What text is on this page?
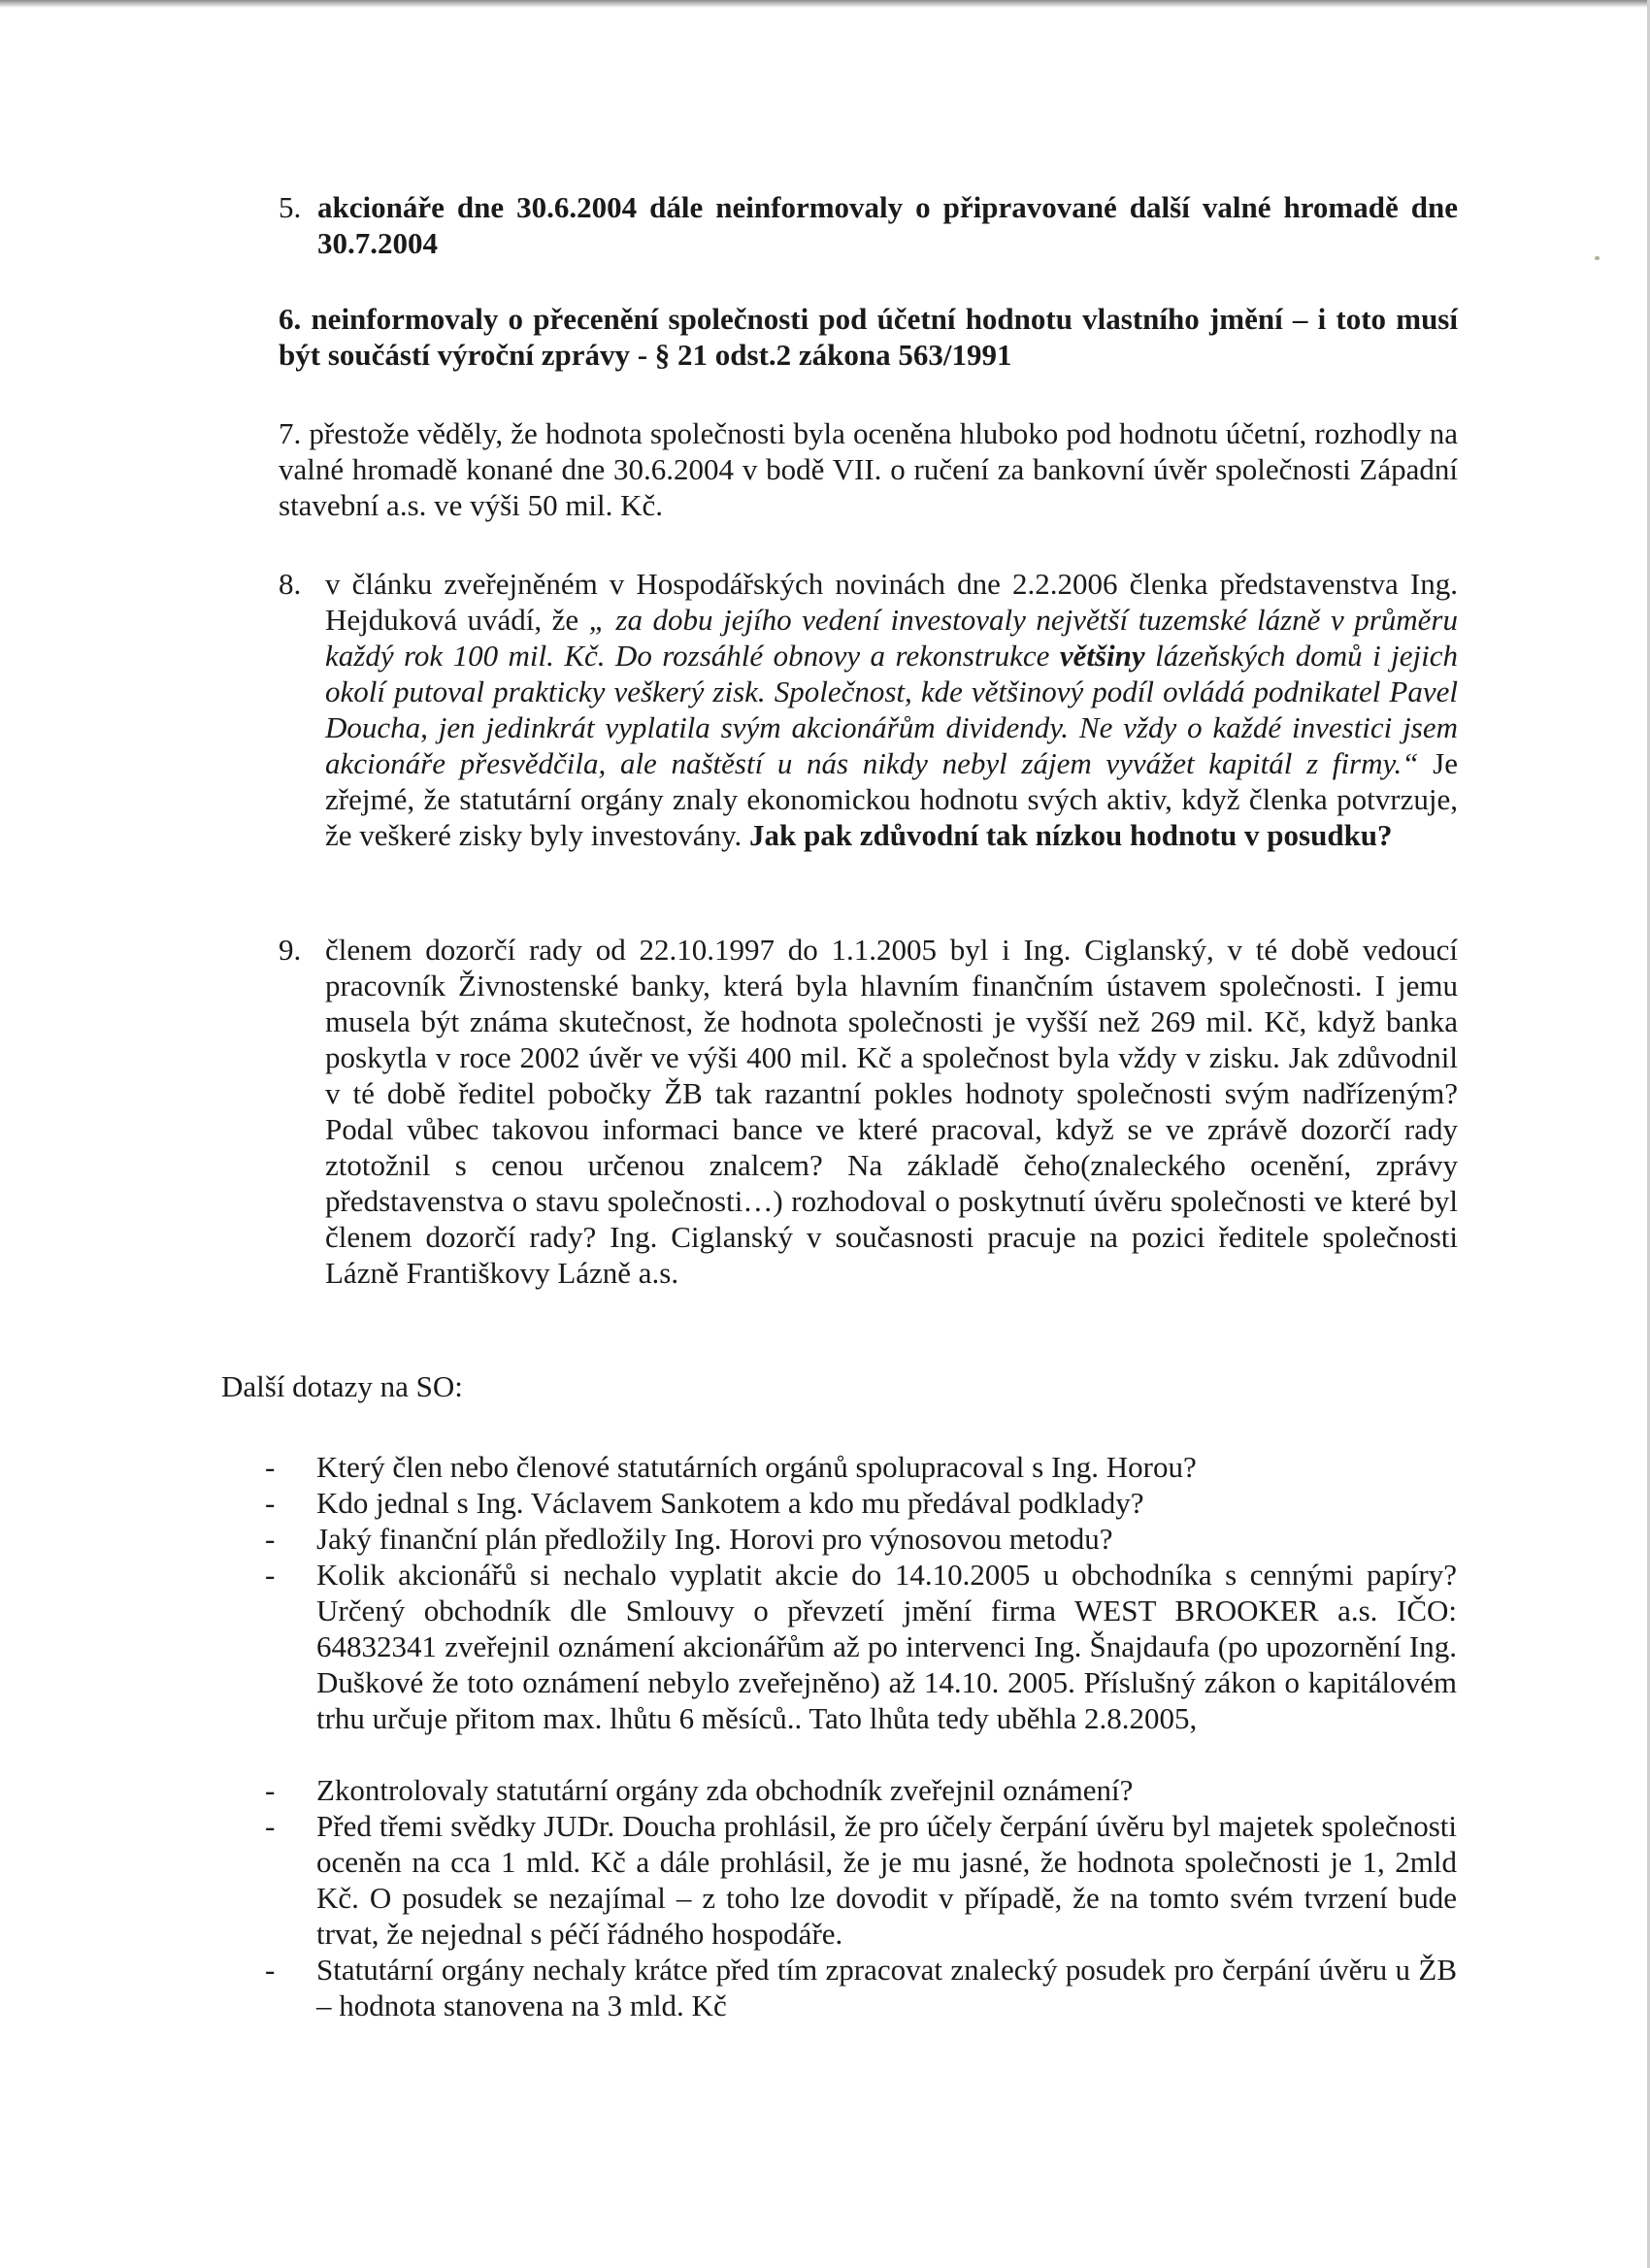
5. akcionáře dne 30.6.2004 dále neinformovaly o připravované další valné hromadě dne 30.7.2004

6. neinformovaly o přecenění společnosti pod účetní hodnotu vlastního jmění – i toto musí být součástí výroční zprávy - § 21 odst.2 zákona 563/1991

7. přestože věděly, že hodnota společnosti byla oceněna hluboko pod hodnotu účetní, rozhodly na valné hromadě konané dne 30.6.2004 v bodě VII. o ručení za bankovní úvěr společnosti Západní stavební a.s. ve výši 50 mil. Kč.

8. v článku zveřejněném v Hospodářských novinách dne 2.2.2006 členka představenstva Ing. Hejduková uvádí, že „ za dobu jejího vedení investovaly největší tuzemské lázně v průměru každý rok 100 mil. Kč. Do rozsáhlé obnovy a rekonstrukce většiny lázeňských domů i jejich okolí putoval prakticky veškerý zisk. Společnost, kde většinový podíl ovládá podnikatel Pavel Doucha, jen jedinkrát vyplatila svým akcionářům dividendy. Ne vždy o každé investici jsem akcionáře přesvědčila, ale naštěstí u nás nikdy nebyl zájem vyvážet kapitál z firmy.“ Je zřejmé, že statutární orgány znaly ekonomickou hodnotu svých aktiv, když členka potvrzuje, že veškeré zisky byly investovány. Jak pak zdůvodní tak nízkou hodnotu v posudku?

9. členem dozorčí rady od 22.10.1997 do 1.1.2005 byl i Ing. Ciglanský, v té době vedoucí pracovník Živnostenské banky, která byla hlavním finančním ústavem společnosti. I jemu musela být známa skutečnost, že hodnota společnosti je vyšší než 269 mil. Kč, když banka poskytla v roce 2002 úvěr ve výši 400 mil. Kč a společnost byla vždy v zisku. Jak zdůvodnil v té době ředitel pobočky ŽB tak razantní pokles hodnoty společnosti svým nadřízeným? Podal vůbec takovou informaci bance ve které pracoval, když se ve zprávě dozorčí rady ztotožnil s cenou určenou znalcem? Na základě čeho(znaleckého ocenění, zprávy představenstva o stavu společnosti…) rozhodoval o poskytnutí úvěru společnosti ve které byl členem dozorčí rady? Ing. Ciglanský v současnosti pracuje na pozici ředitele společnosti Lázně Františkovy Lázně a.s.

Další dotazy na SO:

- Který člen nebo členové statutárních orgánů spolupracoval s Ing. Horou?

- Kdo jednal s Ing. Václavem Sankotem a kdo mu předával podklady?

- Jaký finanční plán předložily Ing. Horovi pro výnosovou metodu?

- Kolik akcionářů si nechalo vyplatit akcie do 14.10.2005 u obchodníka s cennými papíry? Určený obchodník dle Smlouvy o převzetí jmění firma WEST BROOKER a.s. IČO: 64832341 zveřejnil oznámení akcionářům až po intervenci Ing. Šnajdaufa (po upozornění Ing. Duškové že toto oznámení nebylo zveřejněno) až 14.10. 2005. Příslušný zákon o kapitálovém trhu určuje přitom max. lhůtu 6 měsíců.. Tato lhůta tedy uběhla 2.8.2005,

- Zkontrolovaly statutární orgány zda obchodník zveřejnil oznámení?

- Před třemi svědky JUDr. Doucha prohlásil, že pro účely čerpání úvěru byl majetek společnosti oceněn na cca 1 mld. Kč a dále prohlásil, že je mu jasné, že hodnota společnosti je 1, 2mld Kč. O posudek se nezajímal – z toho lze dovodit v případě, že na tomto svém tvrzení bude trvat, že nejednal s péčí řádného hospodáře.

- Statutární orgány nechaly krátce před tím zpracovat znalecký posudek pro čerpání úvěru u ŽB – hodnota stanovena na 3 mld. Kč
